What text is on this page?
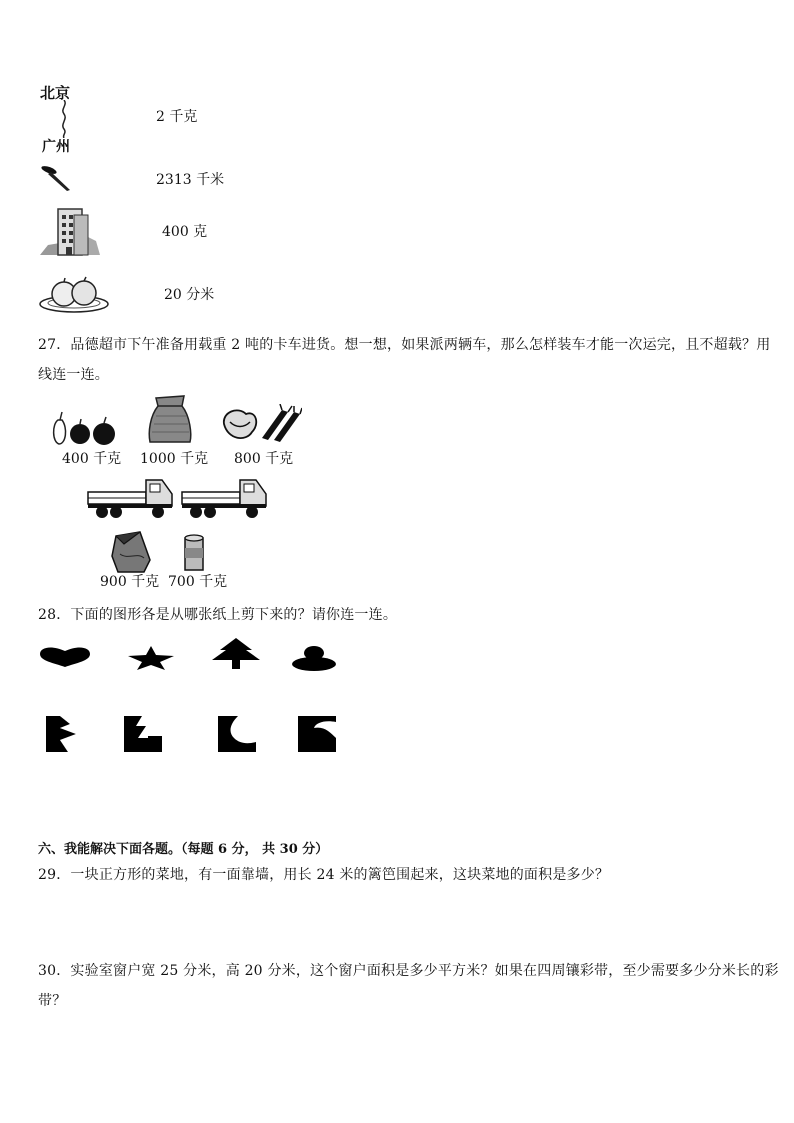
北京
广州
2 千克
2313 千米
400 克
20 分米
27．品德超市下午准备用载重 2 吨的卡车进货。想一想，如果派两辆车，那么怎样装车才能一次运完，且不超载？用
线连一连。
400 千克 1000 千克 800 千克
900 千克 700 千克
28．下面的图形各是从哪张纸上剪下来的？请你连一连。
六、我能解决下面各题。（每题 6 分， 共 30 分）
29．一块正方形的菜地，有一面靠墙，用长 24 米的篱笆围起来，这块菜地的面积是多少？
30．实验室窗户宽 25 分米，高 20 分米，这个窗户面积是多少平方米？如果在四周镶彩带，至少需要多少分米长的彩
带？
